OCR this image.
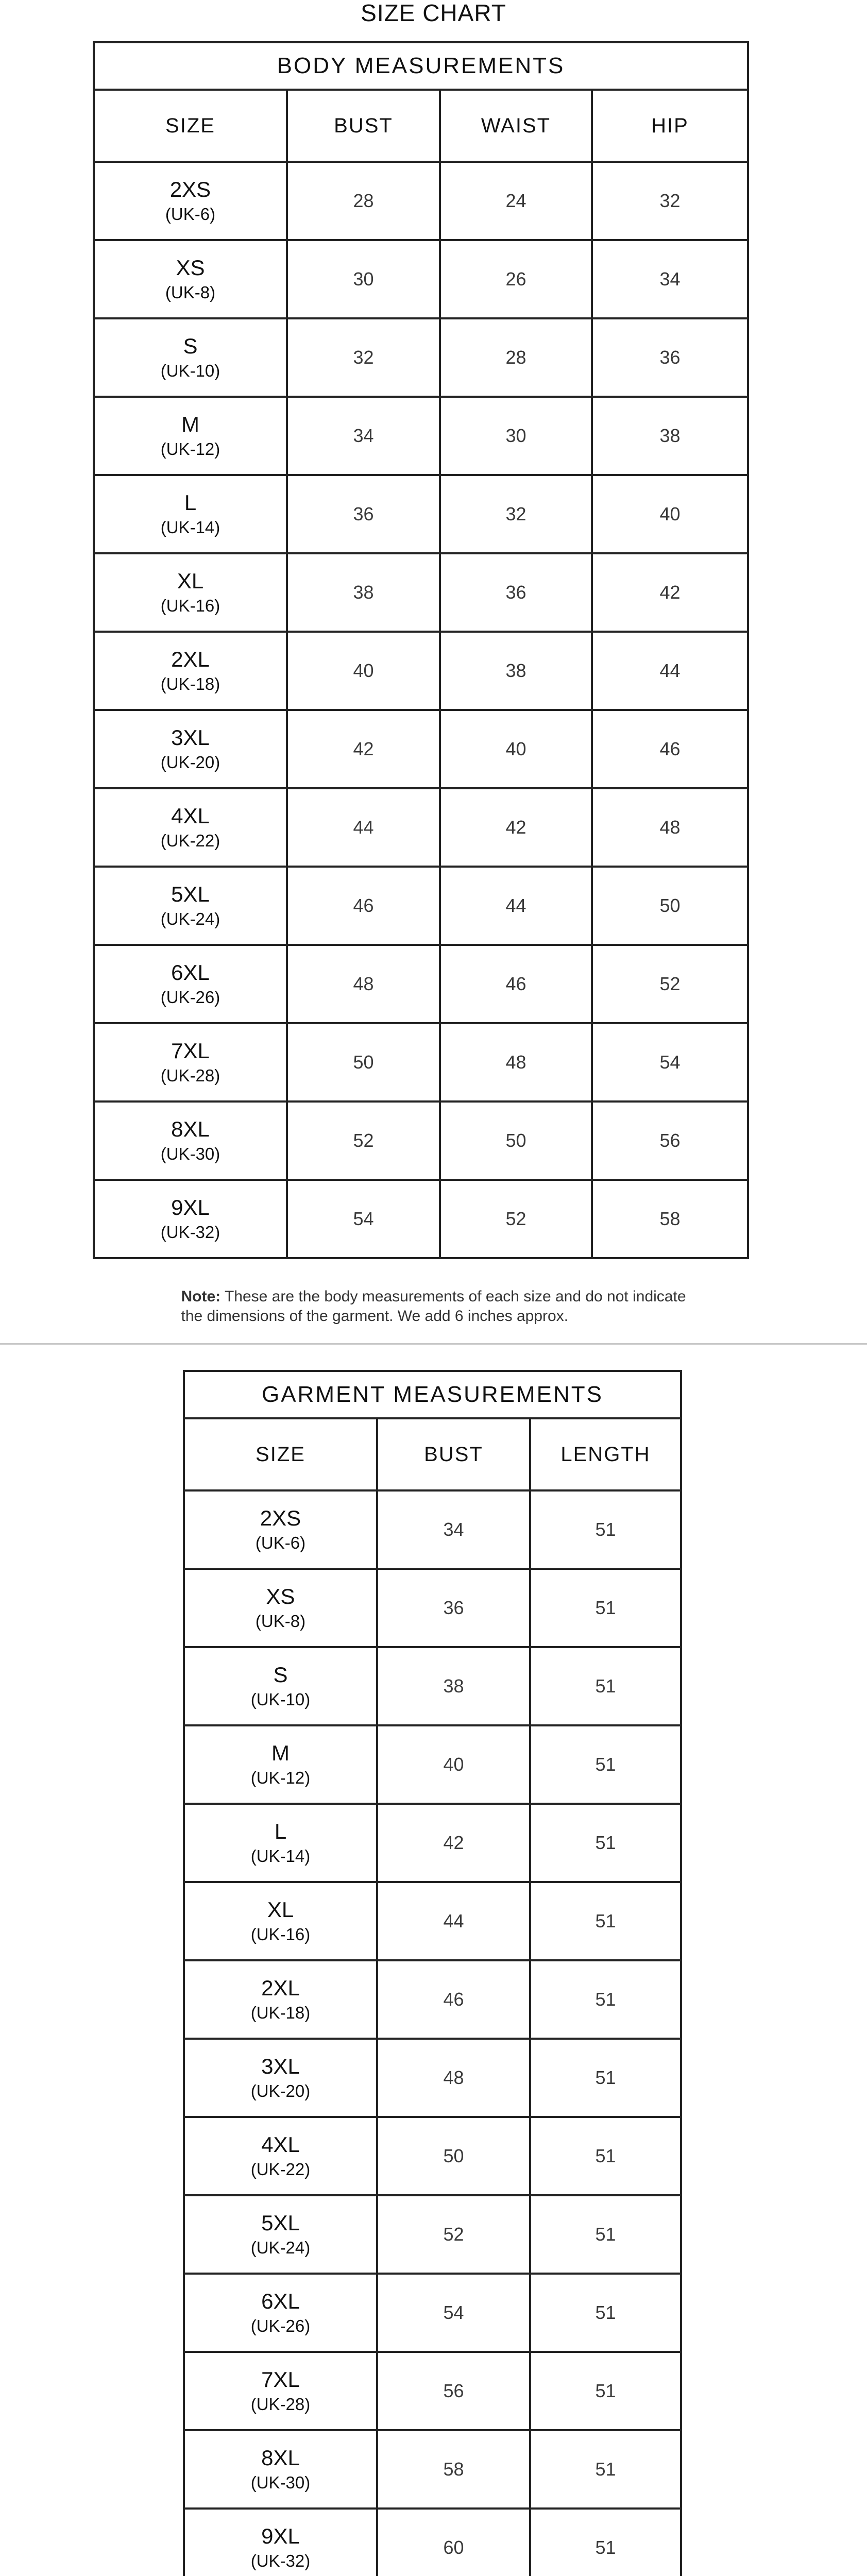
SIZE CHART
BODY MEASUREMENTS			
SIZE	BUST	WAIST	HIP

2XS
(UK-6)	28	24	32

XS
(UK-8)	30	26	34

S
(UK-10)	32	28	36

M
(UK-12)	34	30	38

L
(UK-14)	36	32	40

XL
(UK-16)	38	36	42

2XL
(UK-18)	40	38	44

3XL
(UK-20)	42	40	46

4XL
(UK-22)	44	42	48

5XL
(UK-24)	46	44	50

6XL
(UK-26)	48	46	52

7XL
(UK-28)	50	48	54

8XL
(UK-30)	52	50	56

9XL
(UK-32)	54	52	58
Note: These are the body measurements of each size and do not indicate the dimensions of the garment. We add 6 inches approx.
GARMENT MEASUREMENTS		
SIZE	BUST	LENGTH

2XS
(UK-6)	34	51

XS
(UK-8)	36	51

S
(UK-10)	38	51

M
(UK-12)	40	51

L
(UK-14)	42	51

XL
(UK-16)	44	51

2XL
(UK-18)	46	51

3XL
(UK-20)	48	51

4XL
(UK-22)	50	51

5XL
(UK-24)	52	51

6XL
(UK-26)	54	51

7XL
(UK-28)	56	51

8XL
(UK-30)	58	51

9XL
(UK-32)	60	51
